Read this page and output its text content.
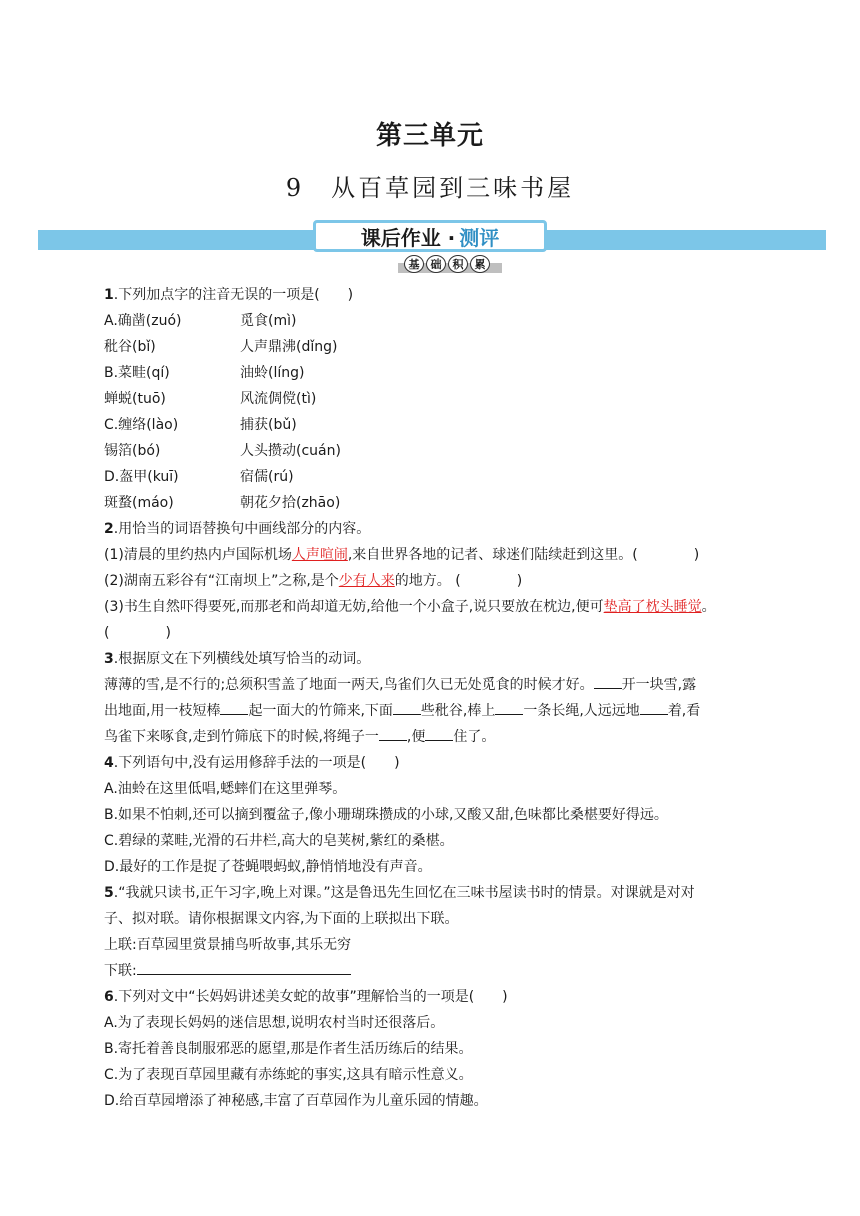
第三单元
9　从百草园到三味书屋
课后作业 · 测评
基	础	积	累
1.下列加点字的注音无误的一项是(　　)
A.确凿(zuó)	觅食(mì)
秕谷(bǐ)	人声鼎沸(dǐng)
B.菜畦(qí)	油蛉(líng)
蝉蜕(tuō)	风流倜傥(tì)
C.缠络(lào)	捕获(bǔ)
锡箔(bó)	人头攒动(cuán)
D.盔甲(kuī)	宿儒(rú)
斑蝥(máo)	朝花夕拾(zhāo)
2.用恰当的词语替换句中画线部分的内容。
(1)清晨的里约热内卢国际机场人声喧闹,来自世界各地的记者、球迷们陆续赶到这里。(　　　　)
(2)湖南五彩谷有“江南坝上”之称,是个少有人来的地方。 (　　　　)
(3)书生自然吓得要死,而那老和尚却道无妨,给他一个小盒子,说只要放在枕边,便可垫高了枕头睡觉。
(　　　　)
3.根据原文在下列横线处填写恰当的动词。
薄薄的雪,是不行的;总须积雪盖了地面一两天,鸟雀们久已无处觅食的时候才好。 开一块雪,露
出地面,用一枝短棒 起一面大的竹筛来,下面 些秕谷,棒上 一条长绳,人远远地 着,看
鸟雀下来啄食,走到竹筛底下的时候,将绳子一 ,便 住了。
4.下列语句中,没有运用修辞手法的一项是(　　)
A.油蛉在这里低唱,蟋蟀们在这里弹琴。
B.如果不怕刺,还可以摘到覆盆子,像小珊瑚珠攒成的小球,又酸又甜,色味都比桑椹要好得远。
C.碧绿的菜畦,光滑的石井栏,高大的皂荚树,紫红的桑椹。
D.最好的工作是捉了苍蝇喂蚂蚁,静悄悄地没有声音。
5.“我就只读书,正午习字,晚上对课。”这是鲁迅先生回忆在三味书屋读书时的情景。对课就是对对
子、拟对联。请你根据课文内容,为下面的上联拟出下联。
上联:百草园里赏景捕鸟听故事,其乐无穷
下联:
6.下列对文中“长妈妈讲述美女蛇的故事”理解恰当的一项是(　　)
A.为了表现长妈妈的迷信思想,说明农村当时还很落后。
B.寄托着善良制服邪恶的愿望,那是作者生活历练后的结果。
C.为了表现百草园里藏有赤练蛇的事实,这具有暗示性意义。
D.给百草园增添了神秘感,丰富了百草园作为儿童乐园的情趣。
